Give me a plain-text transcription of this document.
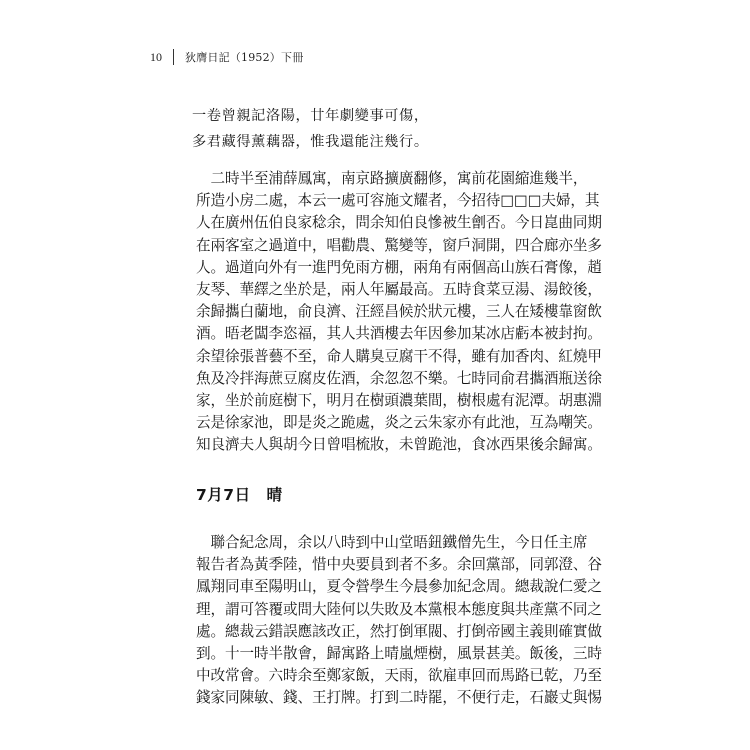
10 狄膺日記（1952）下冊
一卷曾親記洛陽，廿年劇變事可傷，
多君藏得薰藕器，惟我還能注幾行。
　二時半至浦薛鳳寓，南京路擴廣翻修，寓前花園縮進幾半，
所造小房二處，本云一處可容施文耀者，今招待□□□夫婦，其
人在廣州伍伯良家稔余，問余知伯良慘被生劊否。今日崑曲同期
在兩客室之過道中，唱勸農、驚變等，窗戶洞開，四合廊亦坐多
人。過道向外有一進門免雨方棚，兩角有兩個高山族石膏像，趙
友琴、華繹之坐於是，兩人年屬最高。五時食菜豆湯、湯餃後，
余歸攜白蘭地，俞良濟、汪經昌候於狀元樓，三人在矮樓靠窗飲
酒。晤老闆李恣福，其人共酒樓去年因參加某冰店虧本被封拘。
余望徐張普藝不至，命人購臭豆腐干不得，雖有加香肉、紅燒甲
魚及冷拌海蔗豆腐皮佐酒，余忽忽不樂。七時同俞君攜酒瓶送徐
家，坐於前庭樹下，明月在樹頭濃葉間，樹根處有泥潭。胡惠淵
云是徐家池，即是炎之跪處，炎之云朱家亦有此池，互為嘲笑。
知良濟夫人與胡今日曾唱梳妝，未曾跪池，食冰西果後余歸寓。
7月7日　晴
　聯合紀念周，余以八時到中山堂晤鈕鐵僧先生，今日任主席
報告者為黃季陸，惜中央要員到者不多。余回黨部，同郭澄、谷
鳳翔同車至陽明山，夏令營學生今晨參加紀念周。總裁說仁愛之
理，謂可答覆或問大陸何以失敗及本黨根本態度與共產黨不同之
處。總裁云錯誤應該改正，然打倒軍閥、打倒帝國主義則確實做
到。十一時半散會，歸寓路上晴嵐煙樹，風景甚美。飯後，三時
中改常會。六時余至鄭家飯，天雨，欲雇車回而馬路已乾，乃至
錢家同陳敏、錢、王打牌。打到二時罷，不便行走，石巖丈與惕
